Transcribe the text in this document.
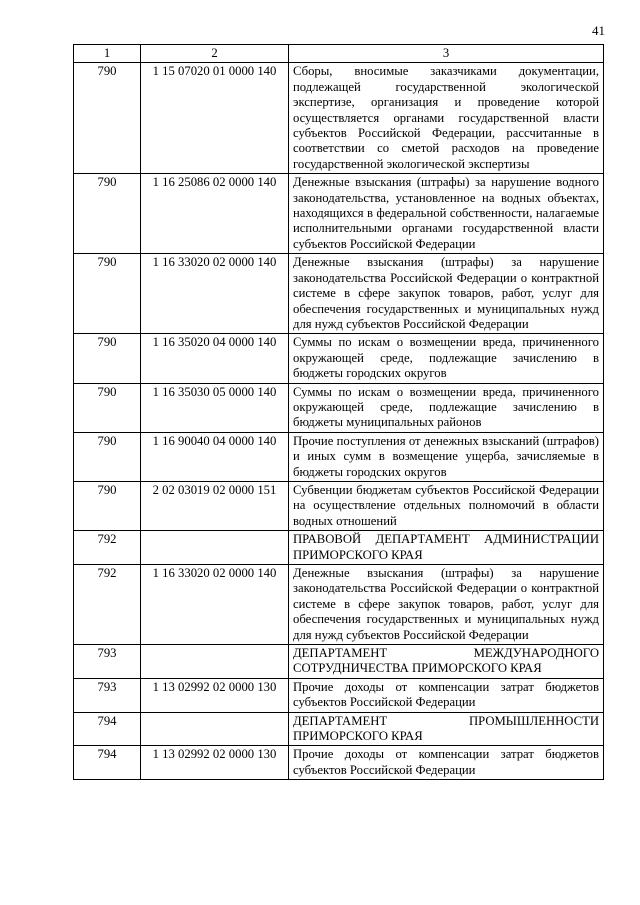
41
1	2	3
790	1 15 07020 01 0000 140	Сборы, вносимые заказчиками документации, подлежащей государственной экологической экспертизе, организация и проведение которой осуществляется органами государственной власти субъектов Российской Федерации, рассчитанные в соответствии со сметой расходов на проведение государственной экологической экспертизы
790	1 16 25086 02 0000 140	Денежные взыскания (штрафы) за нарушение водного законодательства, установленное на водных объектах, находящихся в федеральной собственности, налагаемые исполнительными органами государственной власти субъектов Российской Федерации
790	1 16 33020 02 0000 140	Денежные взыскания (штрафы) за нарушение законодательства Российской Федерации о контрактной системе в сфере закупок товаров, работ, услуг для обеспечения государственных и муниципальных нужд для нужд субъектов Российской Федерации
790	1 16 35020 04 0000 140	Суммы по искам о возмещении вреда, причиненного окружающей среде, подлежащие зачислению в бюджеты городских округов
790	1 16 35030 05 0000 140	Суммы по искам о возмещении вреда, причиненного окружающей среде, подлежащие зачислению в бюджеты муниципальных районов
790	1 16 90040 04 0000 140	Прочие поступления от денежных взысканий (штрафов) и иных сумм в возмещение ущерба, зачисляемые в бюджеты городских округов
790	2 02 03019 02 0000 151	Субвенции бюджетам субъектов Российской Федерации на осуществление отдельных полномочий в области водных отношений
792		ПРАВОВОЙ ДЕПАРТАМЕНТ АДМИНИСТРАЦИИ ПРИМОРСКОГО КРАЯ
792	1 16 33020 02 0000 140	Денежные взыскания (штрафы) за нарушение законодательства Российской Федерации о контрактной системе в сфере закупок товаров, работ, услуг для обеспечения государственных и муниципальных нужд для нужд субъектов Российской Федерации
793		ДЕПАРТАМЕНТ МЕЖДУНАРОДНОГО СОТРУДНИЧЕСТВА ПРИМОРСКОГО КРАЯ
793	1 13 02992 02 0000 130	Прочие доходы от компенсации затрат бюджетов субъектов Российской Федерации
794		ДЕПАРТАМЕНТ ПРОМЫШЛЕННОСТИ ПРИМОРСКОГО КРАЯ
794	1 13 02992 02 0000 130	Прочие доходы от компенсации затрат бюджетов субъектов Российской Федерации
